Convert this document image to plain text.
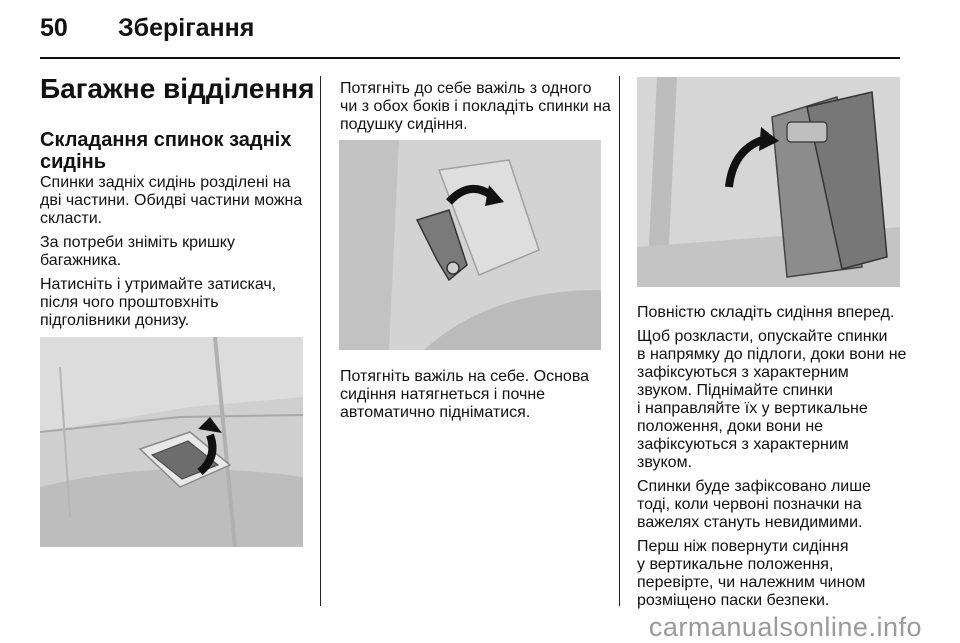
50 Зберігання
Багажне відділення
Складання спинок задніх
сидінь
Спинки задніх сидінь розділені на
дві частини. Обидві частини можна
скласти.
За потреби зніміть кришку
багажника.
Натисніть і утримайте затискач,
після чого проштовхніть
підголівники донизу.
Потягніть до себе важіль з одного
чи з обох боків і покладіть спинки на
подушку сидіння.
Потягніть важіль на себе. Основа
сидіння натягнеться і почне
автоматично підніматися.
Повністю складіть сидіння вперед.
Щоб розкласти, опускайте спинки
в напрямку до підлоги, доки вони не
зафіксуються з характерним
звуком. Піднімайте спинки
і направляйте їх у вертикальне
положення, доки вони не
зафіксуються з характерним
звуком.
Спинки буде зафіксовано лише
тоді, коли червоні позначки на
важелях стануть невидимими.
Перш ніж повернути сидіння
у вертикальне положення,
перевірте, чи належним чином
розміщено паски безпеки.
carmanualsonline.info
